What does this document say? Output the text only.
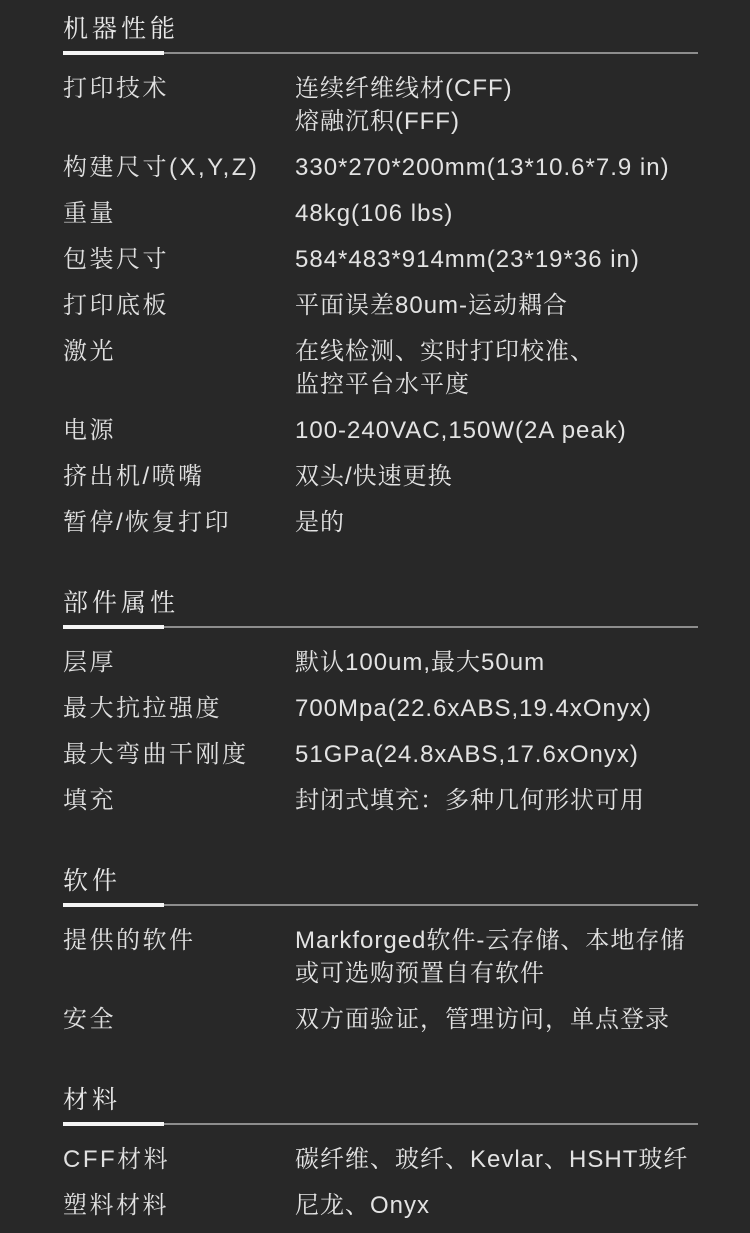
机器性能
打印技术	连续纤维线材(CFF)
熔融沉积(FFF)
构建尺寸(X,Y,Z)	330*270*200mm(13*10.6*7.9 in)
重量	48kg(106 lbs)
包装尺寸	584*483*914mm(23*19*36 in)
打印底板	平面误差80um-运动耦合
激光	在线检测、实时打印校准、
监控平台水平度
电源	100-240VAC,150W(2A peak)
挤出机/喷嘴	双头/快速更换
暂停/恢复打印	是的
部件属性
层厚	默认100um,最大50um
最大抗拉强度	700Mpa(22.6xABS,19.4xOnyx)
最大弯曲干刚度	51GPa(24.8xABS,17.6xOnyx)
填充	封闭式填充：多种几何形状可用
软件
提供的软件	Markforged软件-云存储、本地存储
或可选购预置自有软件
安全	双方面验证，管理访问，单点登录
材料
CFF材料	碳纤维、玻纤、Kevlar、HSHT玻纤
塑料材料	尼龙、Onyx
